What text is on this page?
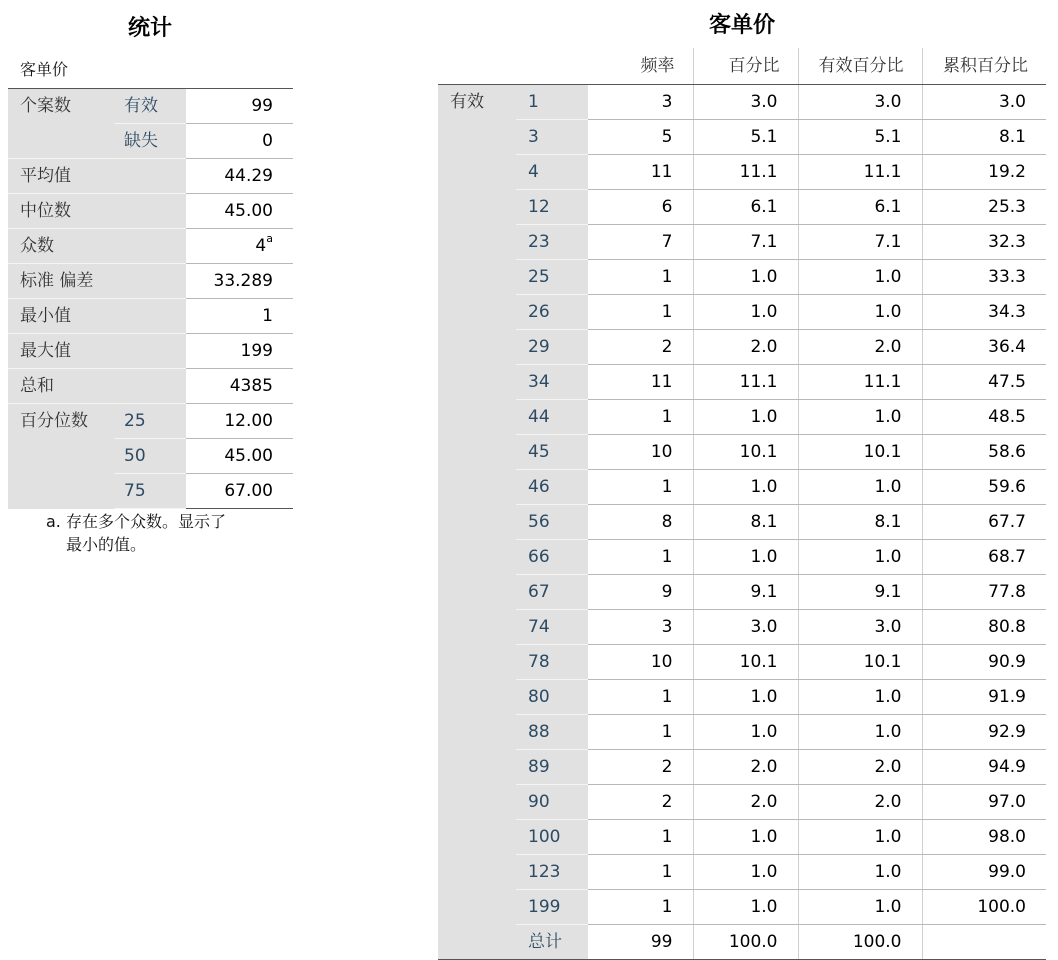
统计
客单价
个案数	有效	99
	缺失	0
平均值		44.29
中位数		45.00
众数		4$^a$
标准 偏差		33.289
最小值		1
最大值		199
总和		4385
百分位数	25	12.00
	50	45.00
	75	67.00
a. 存在多个众数。显示了
最小的值。
客单价
		频率	百分比	有效百分比	累积百分比
有效	1	3	3.0	3.0	3.0
	3	5	5.1	5.1	8.1
	4	11	11.1	11.1	19.2
	12	6	6.1	6.1	25.3
	23	7	7.1	7.1	32.3
	25	1	1.0	1.0	33.3
	26	1	1.0	1.0	34.3
	29	2	2.0	2.0	36.4
	34	11	11.1	11.1	47.5
	44	1	1.0	1.0	48.5
	45	10	10.1	10.1	58.6
	46	1	1.0	1.0	59.6
	56	8	8.1	8.1	67.7
	66	1	1.0	1.0	68.7
	67	9	9.1	9.1	77.8
	74	3	3.0	3.0	80.8
	78	10	10.1	10.1	90.9
	80	1	1.0	1.0	91.9
	88	1	1.0	1.0	92.9
	89	2	2.0	2.0	94.9
	90	2	2.0	2.0	97.0
	100	1	1.0	1.0	98.0
	123	1	1.0	1.0	99.0
	199	1	1.0	1.0	100.0
	总计	99	100.0	100.0	
